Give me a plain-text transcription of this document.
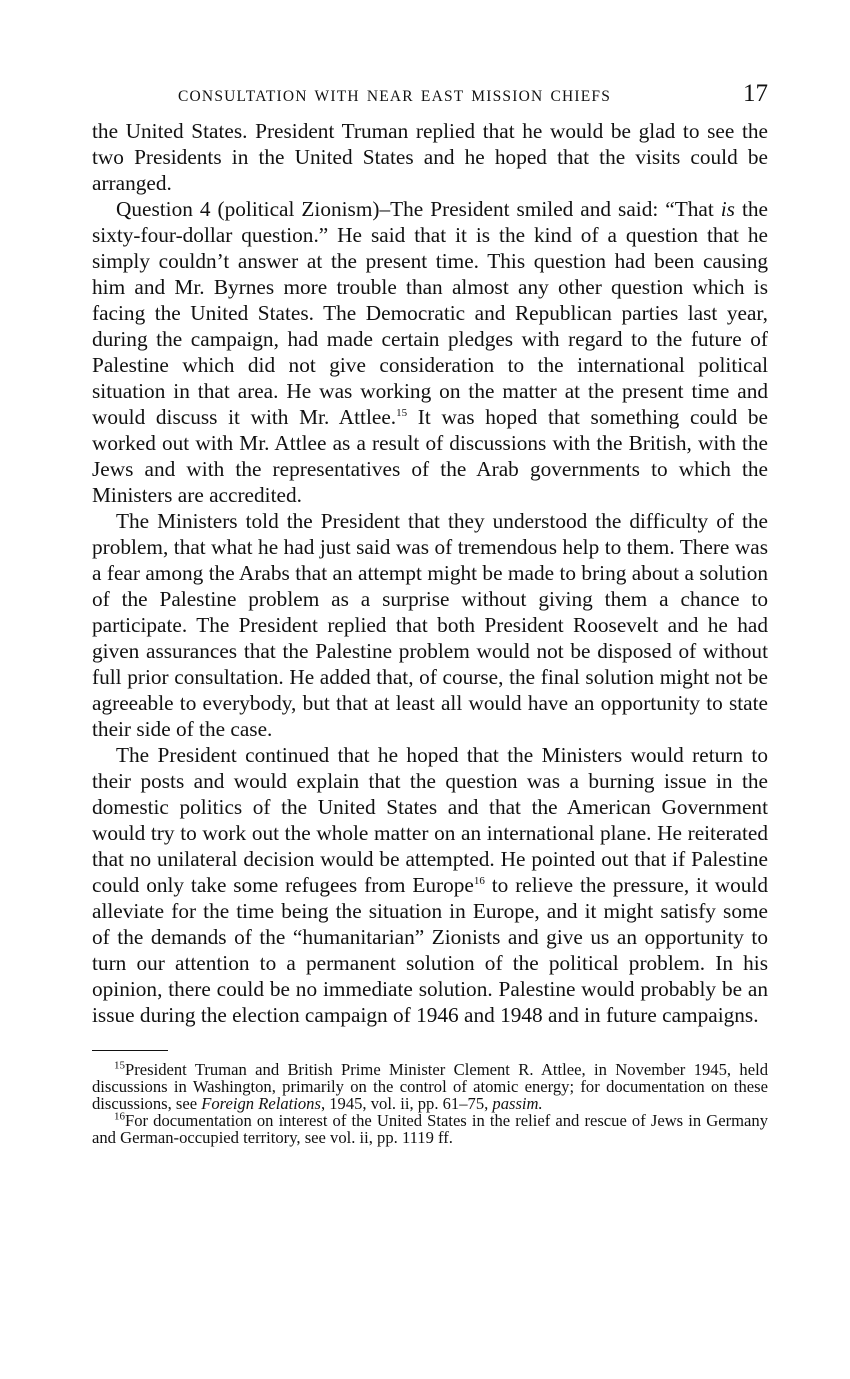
CONSULTATION WITH NEAR EAST MISSION CHIEFS	17

the United States. President Truman replied that he would be glad to see the two Presidents in the United States and he hoped that the visits could be arranged.

Question 4 (political Zionism)–The President smiled and said: “That is the sixty-four-dollar question.” He said that it is the kind of a question that he simply couldn’t answer at the present time. This question had been causing him and Mr. Byrnes more trouble than almost any other question which is facing the United States. The Democratic and Republican parties last year, during the campaign, had made certain pledges with regard to the future of Palestine which did not give consideration to the international political situation in that area. He was working on the matter at the present time and would discuss it with Mr. Attlee.$^{15}$ It was hoped that something could be worked out with Mr. Attlee as a result of discussions with the British, with the Jews and with the representatives of the Arab governments to which the Ministers are accredited.

The Ministers told the President that they understood the difficulty of the problem, that what he had just said was of tremendous help to them. There was a fear among the Arabs that an attempt might be made to bring about a solution of the Palestine problem as a surprise without giving them a chance to participate. The President replied that both President Roosevelt and he had given assurances that the Palestine problem would not be disposed of without full prior consultation. He added that, of course, the final solution might not be agreeable to everybody, but that at least all would have an opportunity to state their side of the case.

The President continued that he hoped that the Ministers would return to their posts and would explain that the question was a burning issue in the domestic politics of the United States and that the American Government would try to work out the whole matter on an international plane. He reiterated that no unilateral decision would be attempted. He pointed out that if Palestine could only take some refugees from Europe$^{16}$ to relieve the pressure, it would alleviate for the time being the situation in Europe, and it might satisfy some of the demands of the “humanitarian” Zionists and give us an opportunity to turn our attention to a permanent solution of the political problem. In his opinion, there could be no immediate solution. Palestine would probably be an issue during the election campaign of 1946 and 1948 and in future campaigns.

$^{15}$President Truman and British Prime Minister Clement R. Attlee, in November 1945, held discussions in Washington, primarily on the control of atomic energy; for documentation on these discussions, see Foreign Relations, 1945, vol. ii, pp. 61–75, passim.

$^{16}$For documentation on interest of the United States in the relief and rescue of Jews in Germany and German-occupied territory, see vol. ii, pp. 1119 ff.
